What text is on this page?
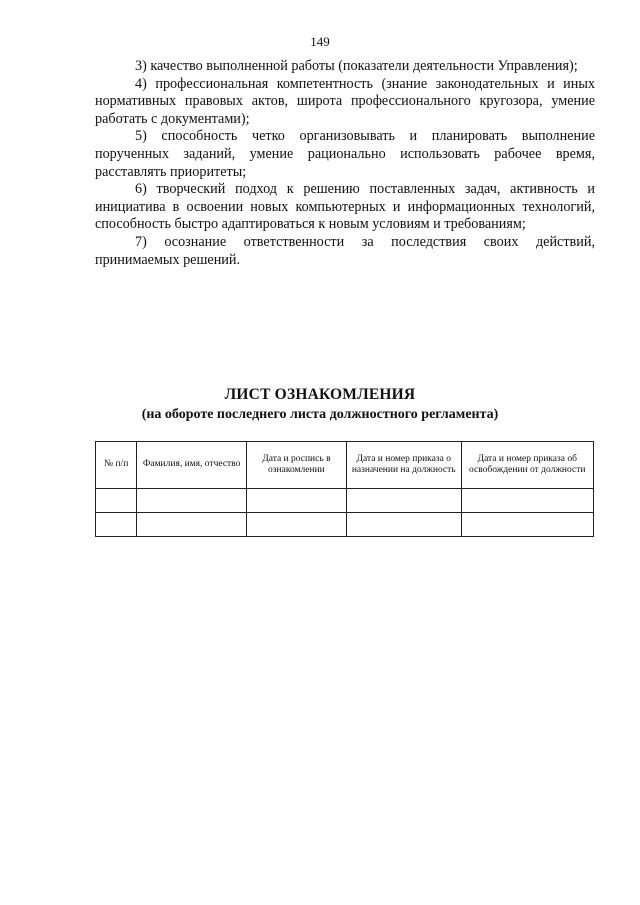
149

3) качество выполненной работы (показатели деятельности Управления);

4) профессиональная компетентность (знание законодательных и иных нормативных правовых актов, широта профессионального кругозора, умение работать с документами);

5) способность четко организовывать и планировать выполнение порученных заданий, умение рационально использовать рабочее время, расставлять приоритеты;

6) творческий подход к решению поставленных задач, активность и инициатива в освоении новых компьютерных и информационных технологий, способность быстро адаптироваться к новым условиям и требованиям;

7) осознание ответственности за последствия своих действий, принимаемых решений.

ЛИСТ ОЗНАКОМЛЕНИЯ
(на обороте последнего листа должностного регламента)
№ п/п	Фамилия, имя, отчество	Дата и роспись в ознакомлении	Дата и номер приказа о назначении на должность	Дата и номер приказа об освобождении от должности
